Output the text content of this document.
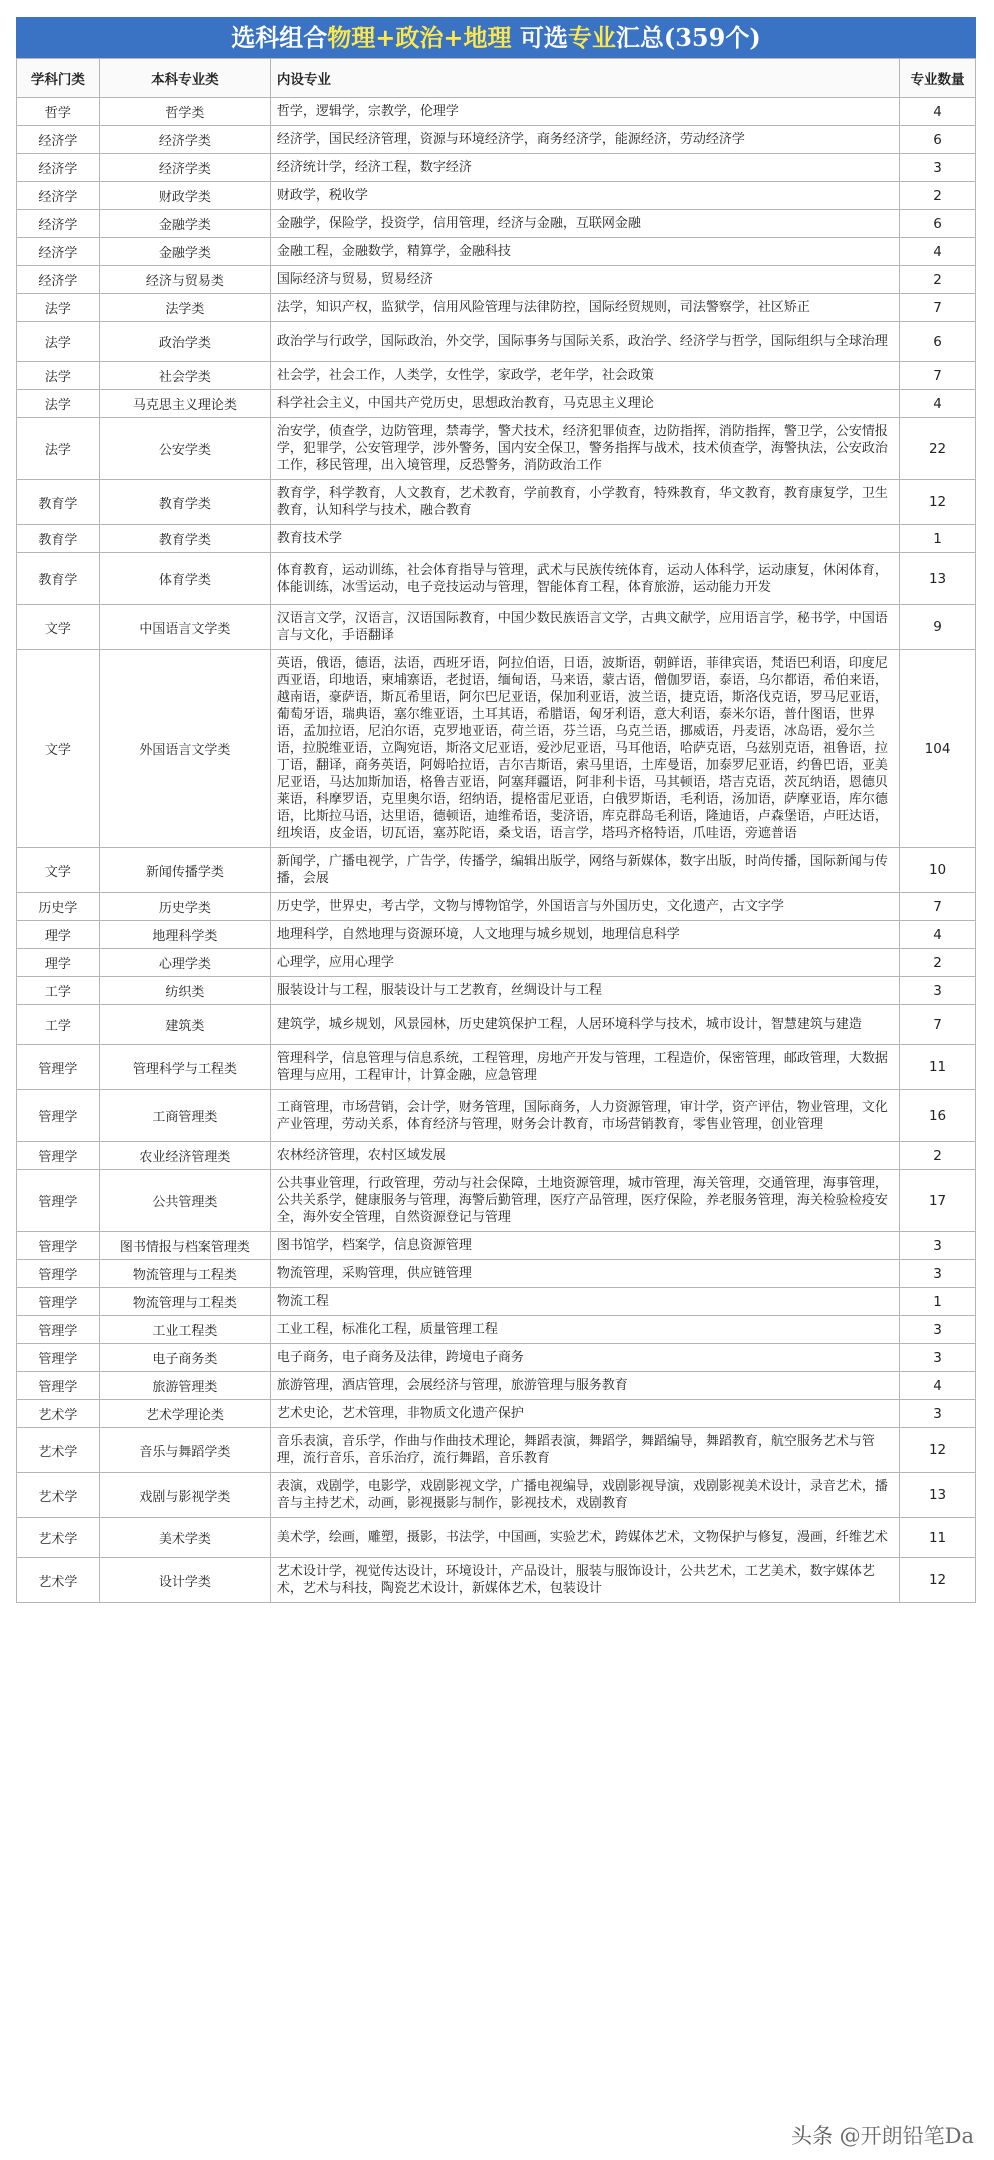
选科组合物理+政治+地理 可选专业汇总(359个)
学科门类	本科专业类	内设专业	专业数量
哲学	哲学类	哲学，逻辑学，宗教学，伦理学	4
经济学	经济学类	经济学，国民经济管理，资源与环境经济学，商务经济学，能源经济，劳动经济学	6
经济学	经济学类	经济统计学，经济工程，数字经济	3
经济学	财政学类	财政学，税收学	2
经济学	金融学类	金融学，保险学，投资学，信用管理，经济与金融，互联网金融	6
经济学	金融学类	金融工程，金融数学，精算学，金融科技	4
经济学	经济与贸易类	国际经济与贸易，贸易经济	2
法学	法学类	法学，知识产权，监狱学，信用风险管理与法律防控，国际经贸规则，司法警察学，社区矫正	7
法学	政治学类	政治学与行政学，国际政治，外交学，国际事务与国际关系，政治学、经济学与哲学，国际组织与全球治理	6
法学	社会学类	社会学，社会工作，人类学，女性学，家政学，老年学，社会政策	7
法学	马克思主义理论类	科学社会主义，中国共产党历史，思想政治教育，马克思主义理论	4
法学	公安学类	治安学，侦查学，边防管理，禁毒学，警犬技术，经济犯罪侦查，边防指挥，消防指挥，警卫学，公安情报学，犯罪学，公安管理学，涉外警务，国内安全保卫，警务指挥与战术，技术侦查学，海警执法，公安政治工作，移民管理，出入境管理，反恐警务，消防政治工作	22
教育学	教育学类	教育学，科学教育，人文教育，艺术教育，学前教育，小学教育，特殊教育，华文教育，教育康复学，卫生教育，认知科学与技术，融合教育	12
教育学	教育学类	教育技术学	1
教育学	体育学类	体育教育，运动训练，社会体育指导与管理，武术与民族传统体育，运动人体科学，运动康复，休闲体育，体能训练，冰雪运动，电子竞技运动与管理，智能体育工程，体育旅游，运动能力开发	13
文学	中国语言文学类	汉语言文学，汉语言，汉语国际教育，中国少数民族语言文学，古典文献学，应用语言学，秘书学，中国语言与文化，手语翻译	9
文学	外国语言文学类	英语，俄语，德语，法语，西班牙语，阿拉伯语，日语，波斯语，朝鲜语，菲律宾语，梵语巴利语，印度尼西亚语，印地语，柬埔寨语，老挝语，缅甸语，马来语，蒙古语，僧伽罗语，泰语，乌尔都语，希伯来语，越南语，豪萨语，斯瓦希里语，阿尔巴尼亚语，保加利亚语，波兰语，捷克语，斯洛伐克语，罗马尼亚语，葡萄牙语，瑞典语，塞尔维亚语，土耳其语，希腊语，匈牙利语，意大利语，泰米尔语，普什图语，世界语，孟加拉语，尼泊尔语，克罗地亚语，荷兰语，芬兰语，乌克兰语，挪威语，丹麦语，冰岛语，爱尔兰语，拉脱维亚语，立陶宛语，斯洛文尼亚语，爱沙尼亚语，马耳他语，哈萨克语，乌兹别克语，祖鲁语，拉丁语，翻译，商务英语，阿姆哈拉语，吉尔吉斯语，索马里语，土库曼语，加泰罗尼亚语，约鲁巴语，亚美尼亚语，马达加斯加语，格鲁吉亚语，阿塞拜疆语，阿非利卡语，马其顿语，塔吉克语，茨瓦纳语，恩德贝莱语，科摩罗语，克里奥尔语，绍纳语，提格雷尼亚语，白俄罗斯语，毛利语，汤加语，萨摩亚语，库尔德语，比斯拉马语，达里语，德顿语，迪维希语，斐济语，库克群岛毛利语，隆迪语，卢森堡语，卢旺达语，纽埃语，皮金语，切瓦语，塞苏陀语，桑戈语，语言学，塔玛齐格特语，爪哇语，旁遮普语	104
文学	新闻传播学类	新闻学，广播电视学，广告学，传播学，编辑出版学，网络与新媒体，数字出版，时尚传播，国际新闻与传播，会展	10
历史学	历史学类	历史学，世界史，考古学，文物与博物馆学，外国语言与外国历史，文化遗产，古文字学	7
理学	地理科学类	地理科学，自然地理与资源环境，人文地理与城乡规划，地理信息科学	4
理学	心理学类	心理学，应用心理学	2
工学	纺织类	服装设计与工程，服装设计与工艺教育，丝绸设计与工程	3
工学	建筑类	建筑学，城乡规划，风景园林，历史建筑保护工程，人居环境科学与技术，城市设计，智慧建筑与建造	7
管理学	管理科学与工程类	管理科学，信息管理与信息系统，工程管理，房地产开发与管理，工程造价，保密管理，邮政管理，大数据管理与应用，工程审计，计算金融，应急管理	11
管理学	工商管理类	工商管理，市场营销，会计学，财务管理，国际商务，人力资源管理，审计学，资产评估，物业管理，文化产业管理，劳动关系，体育经济与管理，财务会计教育，市场营销教育，零售业管理，创业管理	16
管理学	农业经济管理类	农林经济管理，农村区域发展	2
管理学	公共管理类	公共事业管理，行政管理，劳动与社会保障，土地资源管理，城市管理，海关管理，交通管理，海事管理，公共关系学，健康服务与管理，海警后勤管理，医疗产品管理，医疗保险，养老服务管理，海关检验检疫安全，海外安全管理，自然资源登记与管理	17
管理学	图书情报与档案管理类	图书馆学，档案学，信息资源管理	3
管理学	物流管理与工程类	物流管理，采购管理，供应链管理	3
管理学	物流管理与工程类	物流工程	1
管理学	工业工程类	工业工程，标准化工程，质量管理工程	3
管理学	电子商务类	电子商务，电子商务及法律，跨境电子商务	3
管理学	旅游管理类	旅游管理，酒店管理，会展经济与管理，旅游管理与服务教育	4
艺术学	艺术学理论类	艺术史论，艺术管理，非物质文化遗产保护	3
艺术学	音乐与舞蹈学类	音乐表演，音乐学，作曲与作曲技术理论，舞蹈表演，舞蹈学，舞蹈编导，舞蹈教育，航空服务艺术与管理，流行音乐，音乐治疗，流行舞蹈，音乐教育	12
艺术学	戏剧与影视学类	表演，戏剧学，电影学，戏剧影视文学，广播电视编导，戏剧影视导演，戏剧影视美术设计，录音艺术，播音与主持艺术，动画，影视摄影与制作，影视技术，戏剧教育	13
艺术学	美术学类	美术学，绘画，雕塑，摄影，书法学，中国画，实验艺术，跨媒体艺术，文物保护与修复，漫画，纤维艺术	11
艺术学	设计学类	艺术设计学，视觉传达设计，环境设计，产品设计，服装与服饰设计，公共艺术，工艺美术，数字媒体艺术，艺术与科技，陶瓷艺术设计，新媒体艺术，包装设计	12
头条 @开朗铅笔Da
